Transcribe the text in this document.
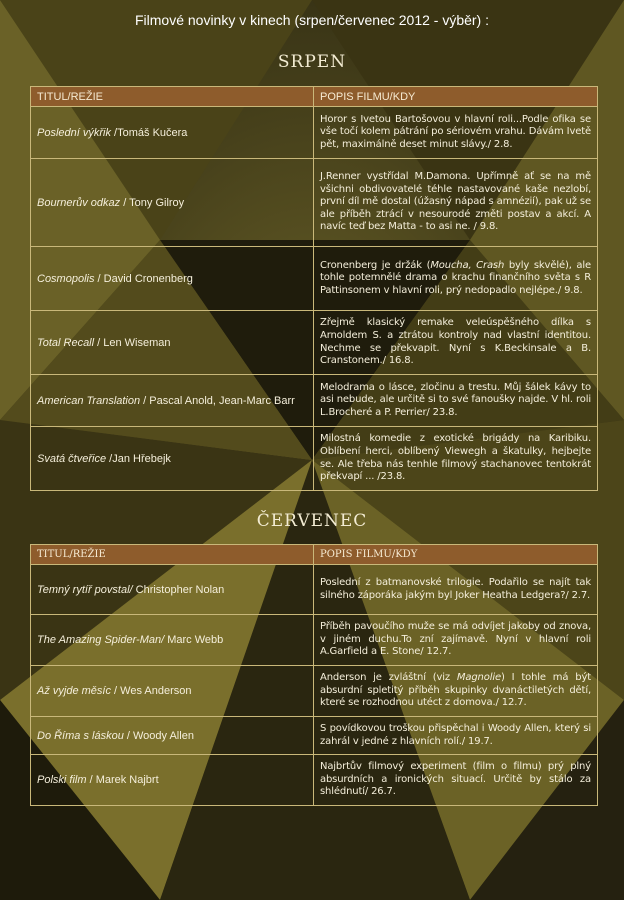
Filmové novinky v kinech (srpen/červenec 2012 - výběr) :
SRPEN
TITUL/REŽIE	POPIS FILMU/KDY
Poslední výkřik /Tomáš Kučera	Horor s Ivetou Bartošovou v hlavní roli...Podle ofika se vše točí kolem pátrání po sériovém vrahu. Dávám Ivetě pět, maximálně deset minut slávy./ 2.8.
Bournerův odkaz / Tony Gilroy	J.Renner vystřídal M.Damona. Upřímně ať se na mě všichni obdivovatelé téhle nastavované kaše nezlobí, první díl mě dostal (úžasný nápad s amnézií), pak už se ale příběh ztrácí v nesourodé změti postav a akcí. A navíc teď bez Matta - to asi ne. / 9.8.
Cosmopolis / David Cronenberg	Cronenberg je držák (Moucha, Crash byly skvělé), ale tohle potemnělé drama o krachu finančního světa s R Pattinsonem v hlavní roli, prý nedopadlo nejlépe./ 9.8.
Total Recall / Len Wiseman	Zřejmě klasický remake veleúspěšného dílka s Arnoldem S. a ztrátou kontroly nad vlastní identitou. Nechme se překvapit. Nyní s K.Beckinsale a B. Cranstonem./ 16.8.
American Translation / Pascal Anold, Jean-Marc Barr	Melodrama o lásce, zločinu a trestu. Můj šálek kávy to asi nebude, ale určitě si to své fanoušky najde. V hl. roli L.Brocheré a P. Perrier/ 23.8.
Svatá čtveřice /Jan Hřebejk	Milostná komedie z exotické brigády na Karibiku. Oblíbení herci, oblíbený Viewegh a škatulky, hejbejte se. Ale třeba nás tenhle filmový stachanovec tentokrát překvapí ... /23.8.
ČERVENEC
TITUL/REŽIE	POPIS FILMU/KDY
Temný rytíř povstal/ Christopher Nolan	Poslední z batmanovské trilogie. Podařilo se najít tak silného záporáka jakým byl Joker Heatha Ledgera?/ 2.7.
The Amazing Spider-Man/ Marc Webb	Příběh pavoučího muže se má odvíjet jakoby od znova, v jiném duchu.To zní zajímavě. Nyní v hlavní roli A.Garfield a E. Stone/ 12.7.
Až vyjde měsíc / Wes Anderson	Anderson je zvláštní (viz Magnolie) I tohle má být absurdní spletitý příběh skupinky dvanáctiletých dětí, které se rozhodnou utéct z domova./ 12.7.
Do Říma s láskou / Woody Allen	S povídkovou troškou přispěchal i Woody Allen, který si zahrál v jedné z hlavních rolí./ 19.7.
Polski film / Marek Najbrt	Najbrtův filmový experiment (film o filmu) prý plný absurdních a ironických situací. Určitě by stálo za shlédnutí/ 26.7.
